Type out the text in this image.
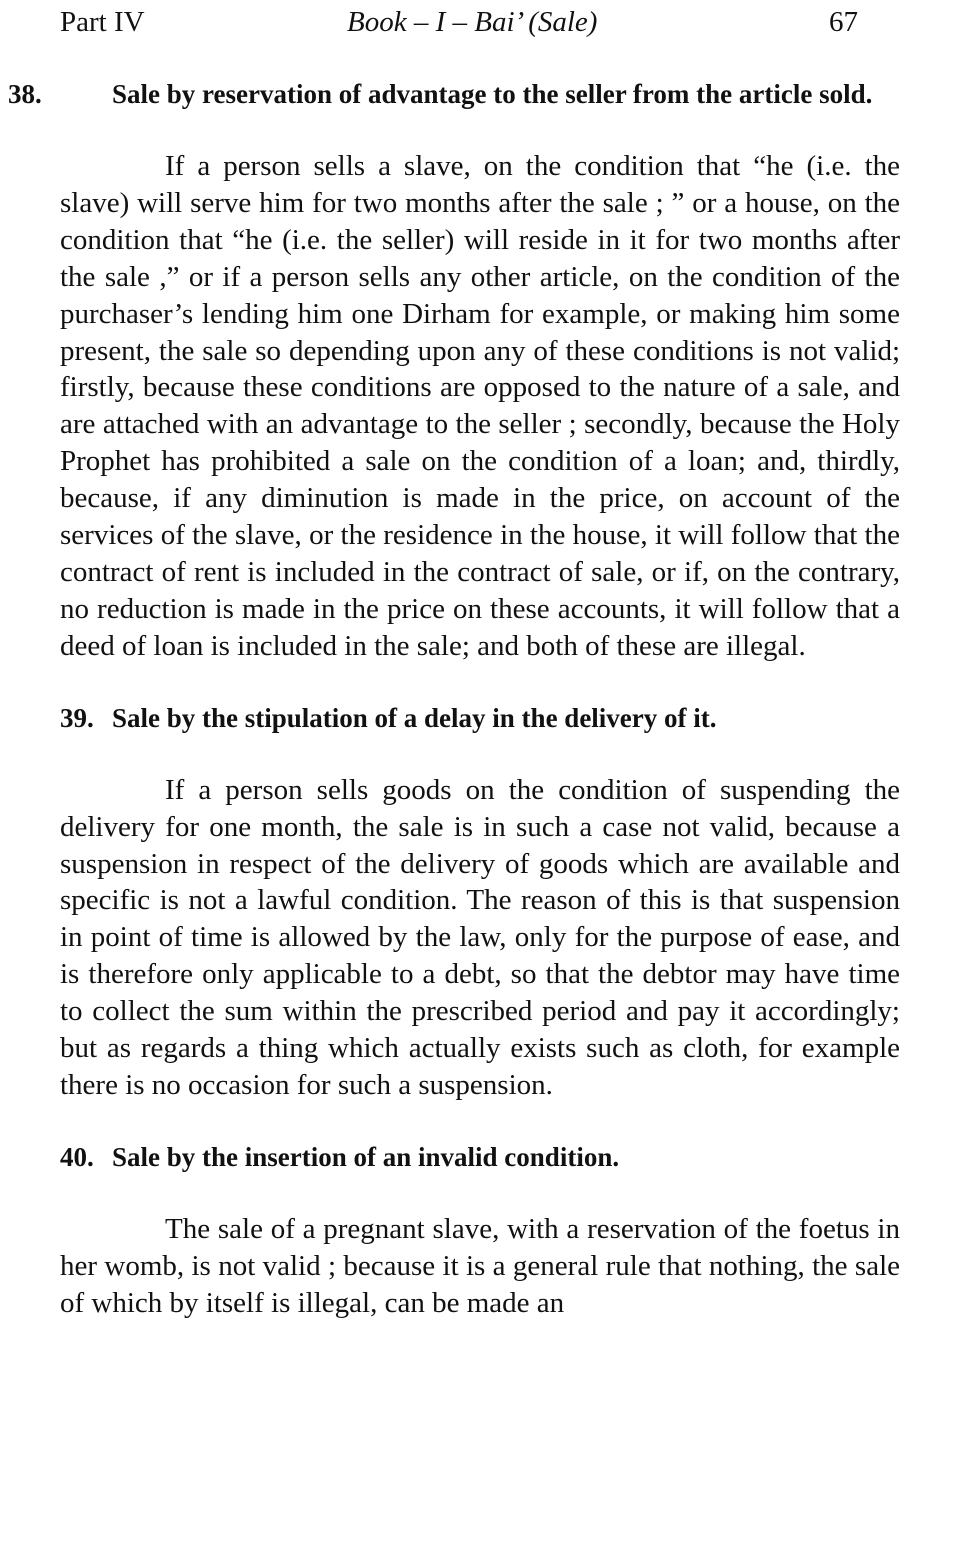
Part IV	Book – I – Bai’ (Sale)	67
38.	Sale by reservation of advantage to the seller from the article sold.

If a person sells a slave, on the condition that “he (i.e. the slave) will serve him for two months after the sale ; ” or a house, on the condition that “he (i.e. the seller) will reside in it for two months after the sale ,” or if a person sells any other article, on the condition of the purchaser’s lending him one Dirham for example, or making him some present, the sale so depending upon any of these conditions is not valid; firstly, because these conditions are opposed to the nature of a sale, and are attached with an advantage to the seller ; secondly, because the Holy Prophet has prohibited a sale on the condition of a loan; and, thirdly, because, if any diminution is made in the price, on account of the services of the slave, or the residence in the house, it will follow that the contract of rent is included in the contract of sale, or if, on the contrary, no reduction is made in the price on these accounts, it will follow that a deed of loan is included in the sale; and both of these are illegal.

39. Sale by the stipulation of a delay in the delivery of it.

If a person sells goods on the condition of suspending the delivery for one month, the sale is in such a case not valid, because a suspension in respect of the delivery of goods which are available and specific is not a lawful condition. The reason of this is that suspension in point of time is allowed by the law, only for the purpose of ease, and is therefore only applicable to a debt, so that the debtor may have time to collect the sum within the prescribed period and pay it accordingly; but as regards a thing which actually exists such as cloth, for example there is no occasion for such a suspension.

40. Sale by the insertion of an invalid condition.

The sale of a pregnant slave, with a reservation of the foetus in her womb, is not valid ; because it is a general rule that nothing, the sale of which by itself is illegal, can be made an
